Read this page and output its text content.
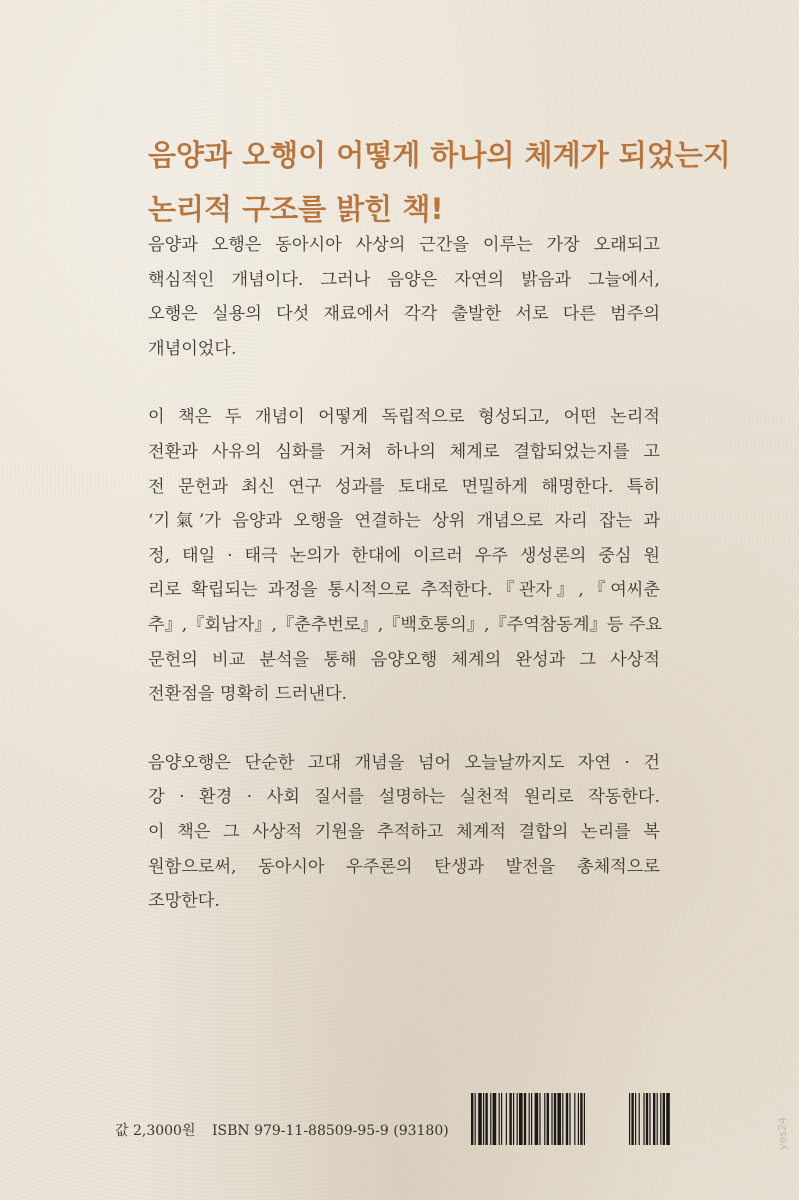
음양과 오행이 어떻게 하나의 체계가 되었는지
논리적 구조를 밝힌 책!
음양과 오행은 동아시아 사상의 근간을 이루는 가장 오래되고
핵심적인 개념이다. 그러나 음양은 자연의 밝음과 그늘에서,
오행은 실용의 다섯 재료에서 각각 출발한 서로 다른 범주의
개념이었다.
이 책은 두 개념이 어떻게 독립적으로 형성되고, 어떤 논리적
전환과 사유의 심화를 거쳐 하나의 체계로 결합되었는지를 고
전 문헌과 최신 연구 성과를 토대로 면밀하게 해명한다. 특히
‘기氣’가 음양과 오행을 연결하는 상위 개념으로 자리 잡는 과
정, 태일 · 태극 논의가 한대에 이르러 우주 생성론의 중심 원
리로 확립되는 과정을 통시적으로 추적한다.『관자』,『여씨춘
추』,『회남자』,『춘추번로』,『백호통의』,『주역참동계』등 주요
문헌의 비교 분석을 통해 음양오행 체계의 완성과 그 사상적
전환점을 명확히 드러낸다.
음양오행은 단순한 고대 개념을 넘어 오늘날까지도 자연 · 건
강 · 환경 · 사회 질서를 설명하는 실천적 원리로 작동한다.
이 책은 그 사상적 기원을 추적하고 체계적 결합의 논리를 복
원함으로써, 동아시아 우주론의 탄생과 발전을 총체적으로
조망한다.
값 2,3000원 ISBN 979-11-88509-95-9 (93180)	yes24
